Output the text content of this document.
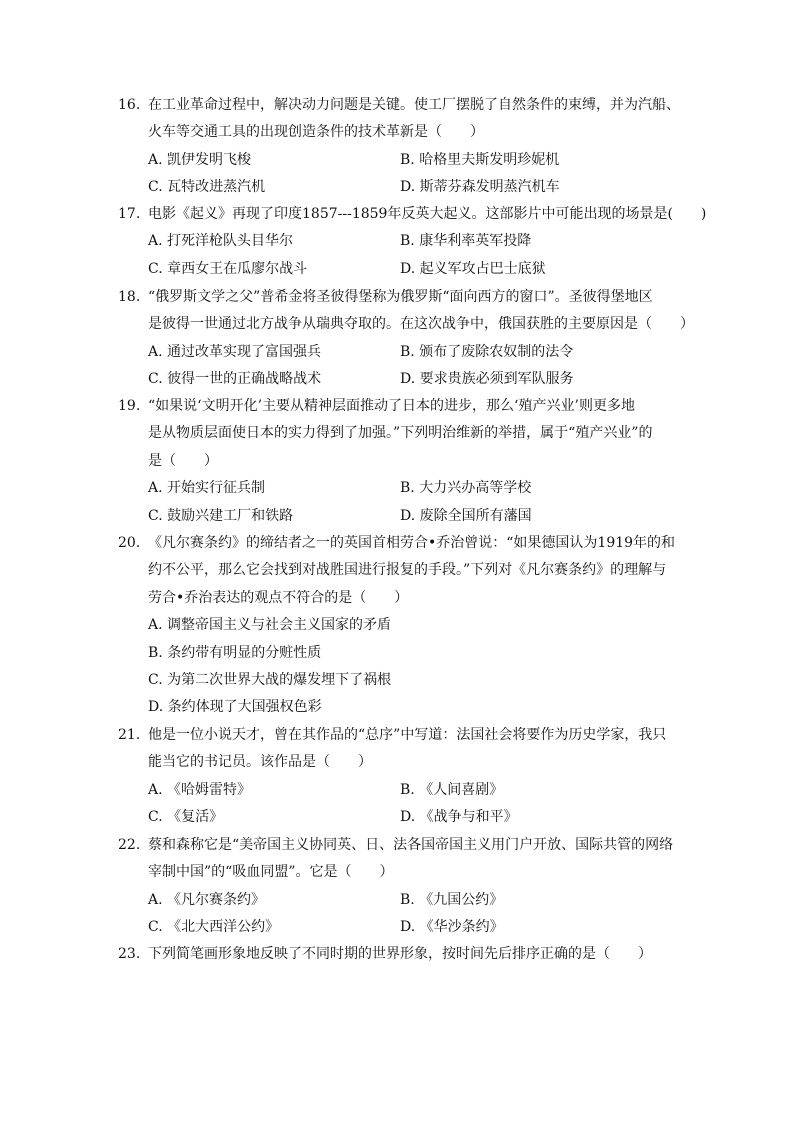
16. 在工业革命过程中，解决动力问题是关键。使工厂摆脱了自然条件的束缚，并为汽船、
火车等交通工具的出现创造条件的技术革新是（　　）
A. 凯伊发明飞梭	B. 哈格里夫斯发明珍妮机
C. 瓦特改进蒸汽机	D. 斯蒂芬森发明蒸汽机车
17. 电影《起义》再现了印度1857---1859年反英大起义。这部影片中可能出现的场景是(　　)
A. 打死洋枪队头目华尔	B. 康华利率英军投降
C. 章西女王在瓜廖尔战斗	D. 起义军攻占巴士底狱
18. “俄罗斯文学之父”普希金将圣彼得堡称为俄罗斯“面向西方的窗口”。圣彼得堡地区
是彼得一世通过北方战争从瑞典夺取的。在这次战争中，俄国获胜的主要原因是（　　）
A. 通过改革实现了富国强兵	B. 颁布了废除农奴制的法令
C. 彼得一世的正确战略战术	D. 要求贵族必须到军队服务
19. “如果说‘文明开化’主要从精神层面推动了日本的进步，那么‘殖产兴业’则更多地
是从物质层面使日本的实力得到了加强。”下列明治维新的举措，属于“殖产兴业”的
是（　　）
A. 开始实行征兵制	B. 大力兴办高等学校
C. 鼓励兴建工厂和铁路	D. 废除全国所有藩国
20. 《凡尔赛条约》的缔结者之一的英国首相劳合•乔治曾说：“如果德国认为1919年的和
约不公平，那么它会找到对战胜国进行报复的手段。”下列对《凡尔赛条约》的理解与
劳合•乔治表达的观点不符合的是（　　）
A. 调整帝国主义与社会主义国家的矛盾
B. 条约带有明显的分赃性质
C. 为第二次世界大战的爆发埋下了祸根
D. 条约体现了大国强权色彩
21. 他是一位小说天才，曾在其作品的“总序”中写道：法国社会将要作为历史学家，我只
能当它的书记员。该作品是（　　）
A. 《哈姆雷特》	B. 《人间喜剧》
C. 《复活》	D. 《战争与和平》
22. 蔡和森称它是“美帝国主义协同英、日、法各国帝国主义用门户开放、国际共管的网络
宰制中国”的“吸血同盟”。它是（　　）
A. 《凡尔赛条约》	B. 《九国公约》
C. 《北大西洋公约》	D. 《华沙条约》
23. 下列简笔画形象地反映了不同时期的世界形象，按时间先后排序正确的是（　　）
